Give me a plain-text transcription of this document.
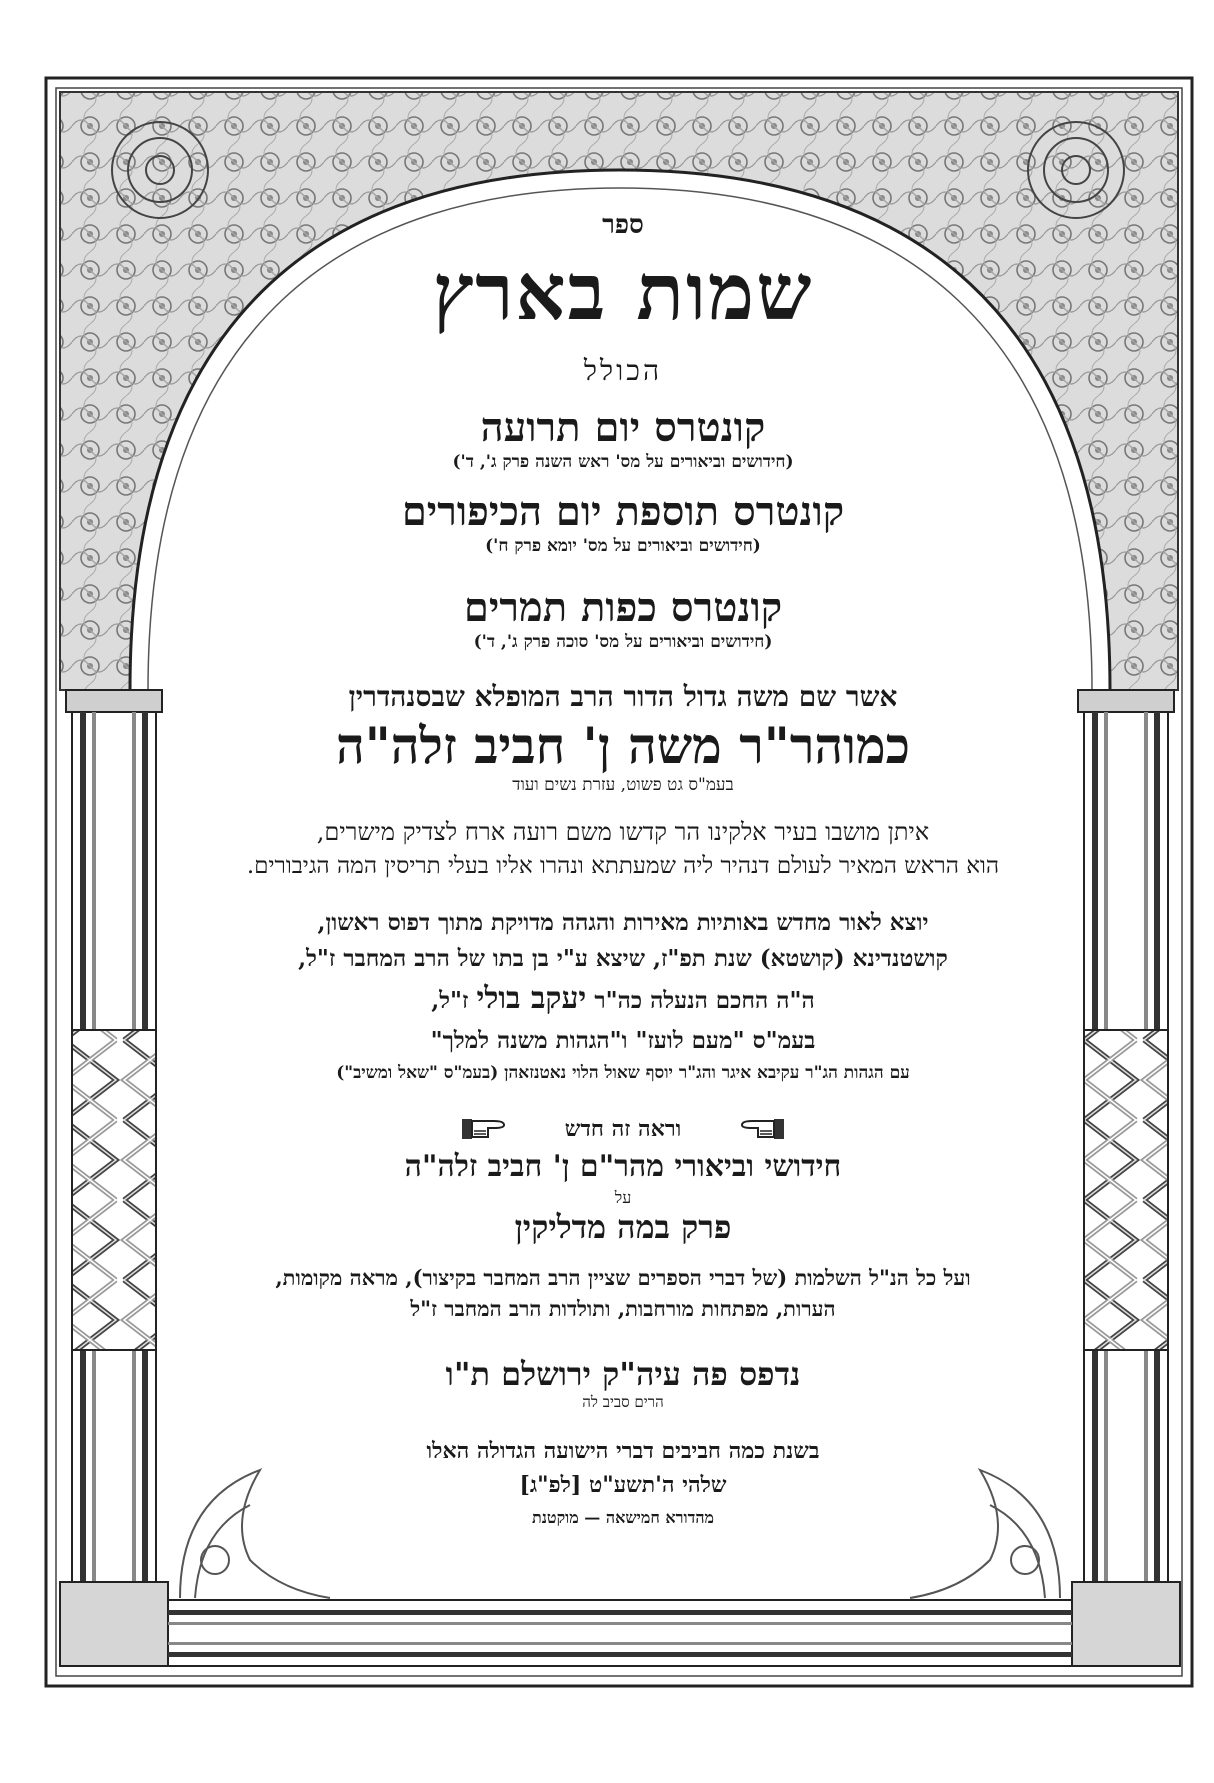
ספר
שמות בארץ
הכולל
קונטרס יום תרועה
(חידושים וביאורים על מס' ראש השנה פרק ג', ד')
קונטרס תוספת יום הכיפורים
(חידושים וביאורים על מס' יומא פרק ח')
קונטרס כפות תמרים
(חידושים וביאורים על מס' סוכה פרק ג', ד')
אשר שם משה גדול הדור הרב המופלא שבסנהדרין
כמוהר"ר משה ן' חביב זלה"ה
בעמ"ס גט פשוט, עזרת נשים ועוד
איתן מושבו בעיר אלקינו הר קדשו משם רועה ארח לצדיק מישרים,
הוא הראש המאיר לעולם דנהיר ליה שמעתתא ונהרו אליו בעלי תריסין המה הגיבורים.
יוצא לאור מחדש באותיות מאירות והגהה מדויקת מתוך דפוס ראשון,
קושטנדינא (קושטא) שנת תפ"ז, שיצא ע"י בן בתו של הרב המחבר ז"ל,
ה"ה החכם הנעלה כה"ר יעקב בולי ז"ל,
בעמ"ס "מעם לועז" ו"הגהות משנה למלך"
עם הגהות הג"ר עקיבא איגר והג"ר יוסף שאול הלוי נאטנזאהן (בעמ"ס "שאל ומשיב")
וראה זה חדש
חידושי וביאורי מהר"ם ן' חביב זלה"ה
על
פרק במה מדליקין
ועל כל הנ"ל השלמות (של דברי הספרים שציין הרב המחבר בקיצור), מראה מקומות,
הערות, מפתחות מורחבות, ותולדות הרב המחבר ז"ל
נדפס פה עיה"ק ירושלם ת"ו
הרים סביב לה
בשנת כמה חביבים דברי הישועה הגדולה האלו
שלהי ה'תשע"ט [לפ"ג]
מהדורא חמישאה — מוקטנת
